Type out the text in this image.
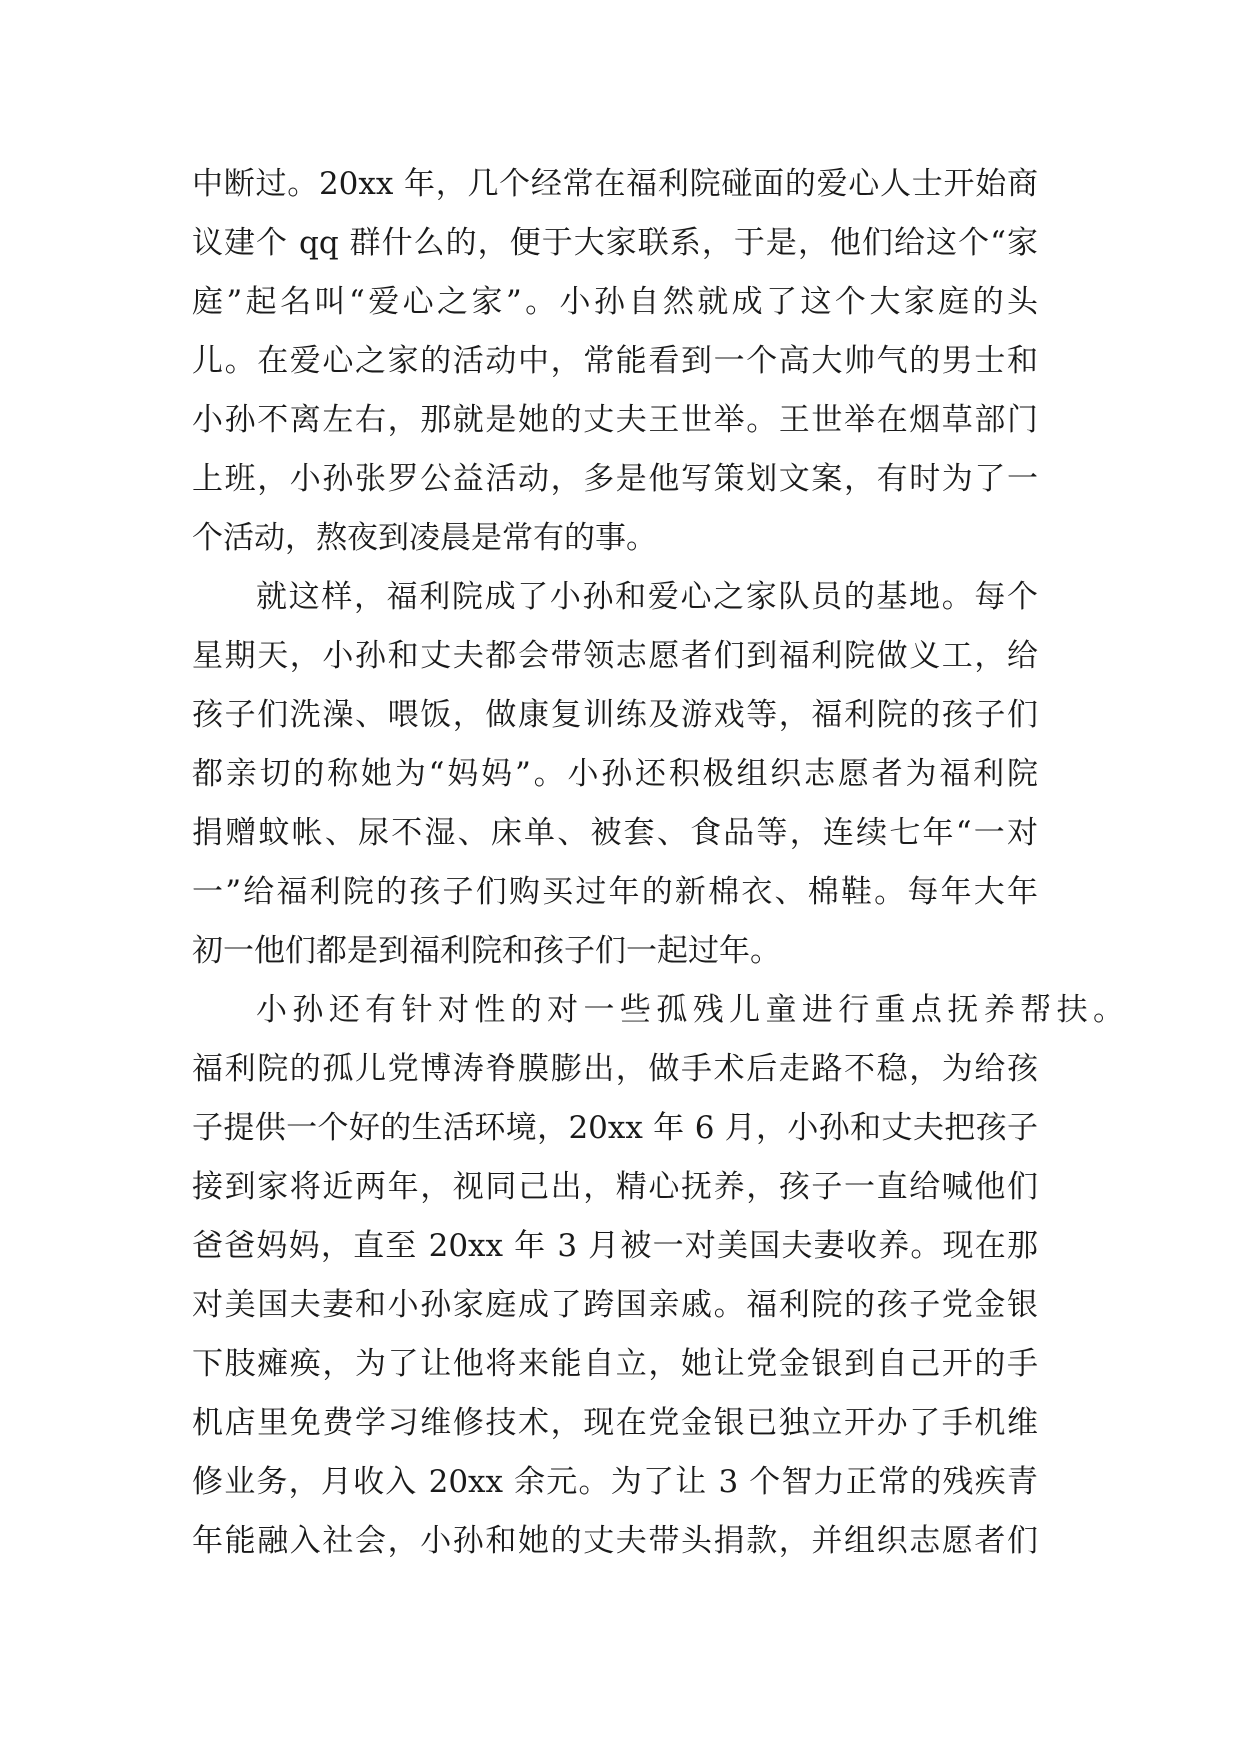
中断过。20xx 年，几个经常在福利院碰面的爱心人士开始商
议建个 qq 群什么的，便于大家联系，于是，他们给这个“家
庭”起名叫“爱心之家”。小孙自然就成了这个大家庭的头
儿。在爱心之家的活动中，常能看到一个高大帅气的男士和
小孙不离左右，那就是她的丈夫王世举。王世举在烟草部门
上班，小孙张罗公益活动，多是他写策划文案，有时为了一
个活动，熬夜到凌晨是常有的事。
就这样，福利院成了小孙和爱心之家队员的基地。每个
星期天，小孙和丈夫都会带领志愿者们到福利院做义工，给
孩子们洗澡、喂饭，做康复训练及游戏等，福利院的孩子们
都亲切的称她为“妈妈”。小孙还积极组织志愿者为福利院
捐赠蚊帐、尿不湿、床单、被套、食品等，连续七年“一对
一”给福利院的孩子们购买过年的新棉衣、棉鞋。每年大年
初一他们都是到福利院和孩子们一起过年。
小孙还有针对性的对一些孤残儿童进行重点抚养帮扶。
福利院的孤儿党博涛脊膜膨出，做手术后走路不稳，为给孩
子提供一个好的生活环境，20xx 年 6 月，小孙和丈夫把孩子
接到家将近两年，视同己出，精心抚养，孩子一直给喊他们
爸爸妈妈，直至 20xx 年 3 月被一对美国夫妻收养。现在那
对美国夫妻和小孙家庭成了跨国亲戚。福利院的孩子党金银
下肢瘫痪，为了让他将来能自立，她让党金银到自己开的手
机店里免费学习维修技术，现在党金银已独立开办了手机维
修业务，月收入 20xx 余元。为了让 3 个智力正常的残疾青
年能融入社会，小孙和她的丈夫带头捐款，并组织志愿者们
